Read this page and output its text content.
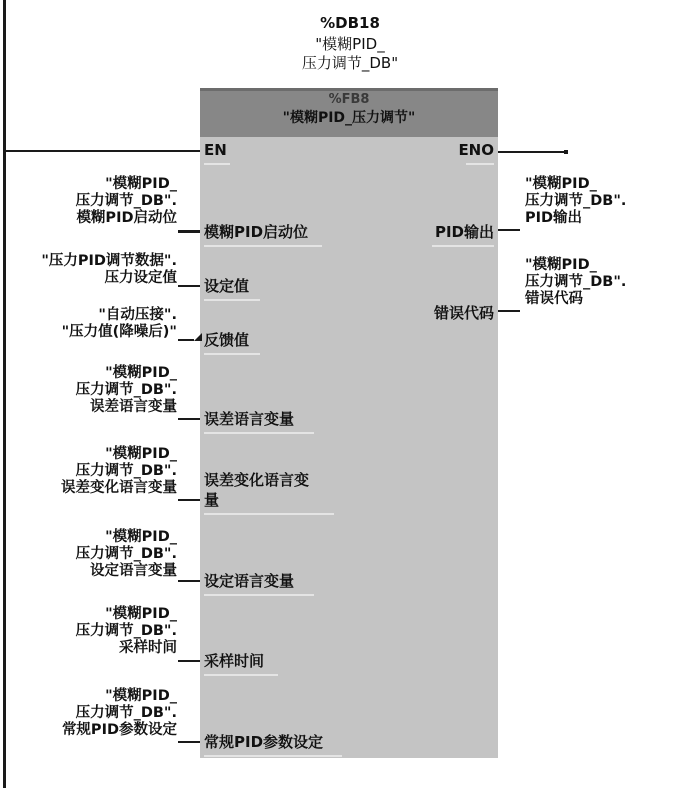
%DB18
"模糊PID_
压力调节_DB"
%FB8
"模糊PID_压力调节"
EN	ENO
"模糊PID_
压力调节_DB".
模糊PID启动位
模糊PID启动位
"压力PID调节数据".
压力设定值 设定值
"自动压接".
"压力值(降噪后)" 反馈值
"模糊PID_
压力调节_DB".
误差语言变量
误差语言变量
"模糊PID_
压力调节_DB".
误差变化语言变量 误差变化语言变
量
"模糊PID_
压力调节_DB".
设定语言变量
设定语言变量
"模糊PID_
压力调节_DB".
采样时间
采样时间
"模糊PID_
压力调节_DB".
常规PID参数设定
常规PID参数设定
PID输出
"模糊PID_
压力调节_DB".
PID输出
错误代码
"模糊PID_
压力调节_DB".
错误代码
